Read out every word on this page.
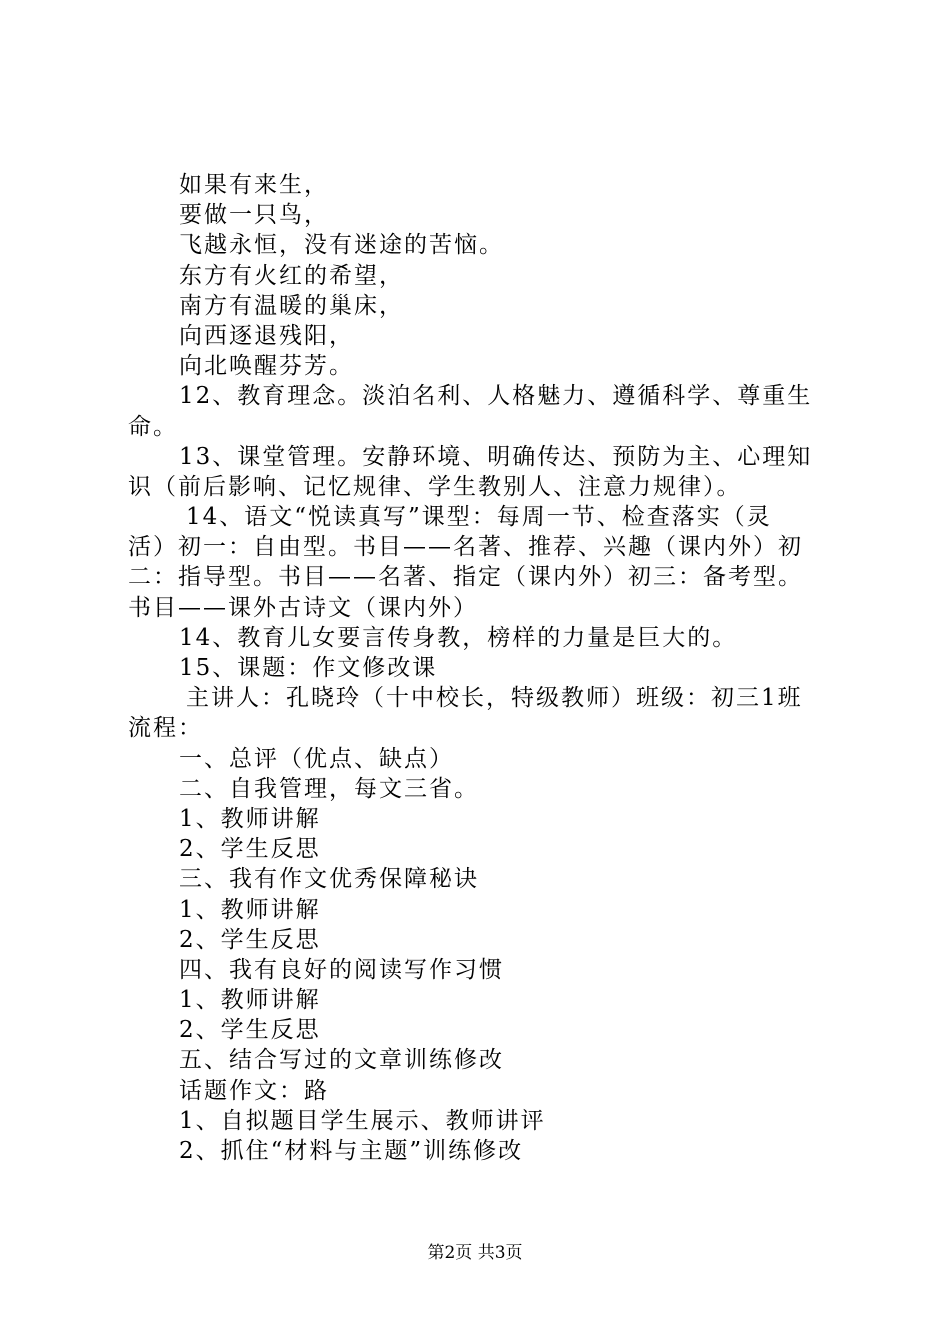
如果有来生，
要做一只鸟，
飞越永恒，没有迷途的苦恼。
东方有火红的希望，
南方有温暖的巢床，
向西逐退残阳，
向北唤醒芬芳。
12、教育理念。淡泊名利、人格魅力、遵循科学、尊重生
命。
13、课堂管理。安静环境、明确传达、预防为主、心理知
识（前后影响、记忆规律、学生教别人、注意力规律）。
14、语文“悦读真写”课型：每周一节、检查落实（灵
活）初一：自由型。书目——名著、推荐、兴趣（课内外）初
二：指导型。书目——名著、指定（课内外）初三：备考型。
书目——课外古诗文（课内外）
14、教育儿女要言传身教，榜样的力量是巨大的。
15、课题：作文修改课
主讲人：孔晓玲（十中校长，特级教师）班级：初三1班
流程：
一、总评（优点、缺点）
二、自我管理，每文三省。
1、教师讲解
2、学生反思
三、我有作文优秀保障秘诀
1、教师讲解
2、学生反思
四、我有良好的阅读写作习惯
1、教师讲解
2、学生反思
五、结合写过的文章训练修改
话题作文：路
1、自拟题目学生展示、教师讲评
2、抓住“材料与主题”训练修改
第2页 共3页
